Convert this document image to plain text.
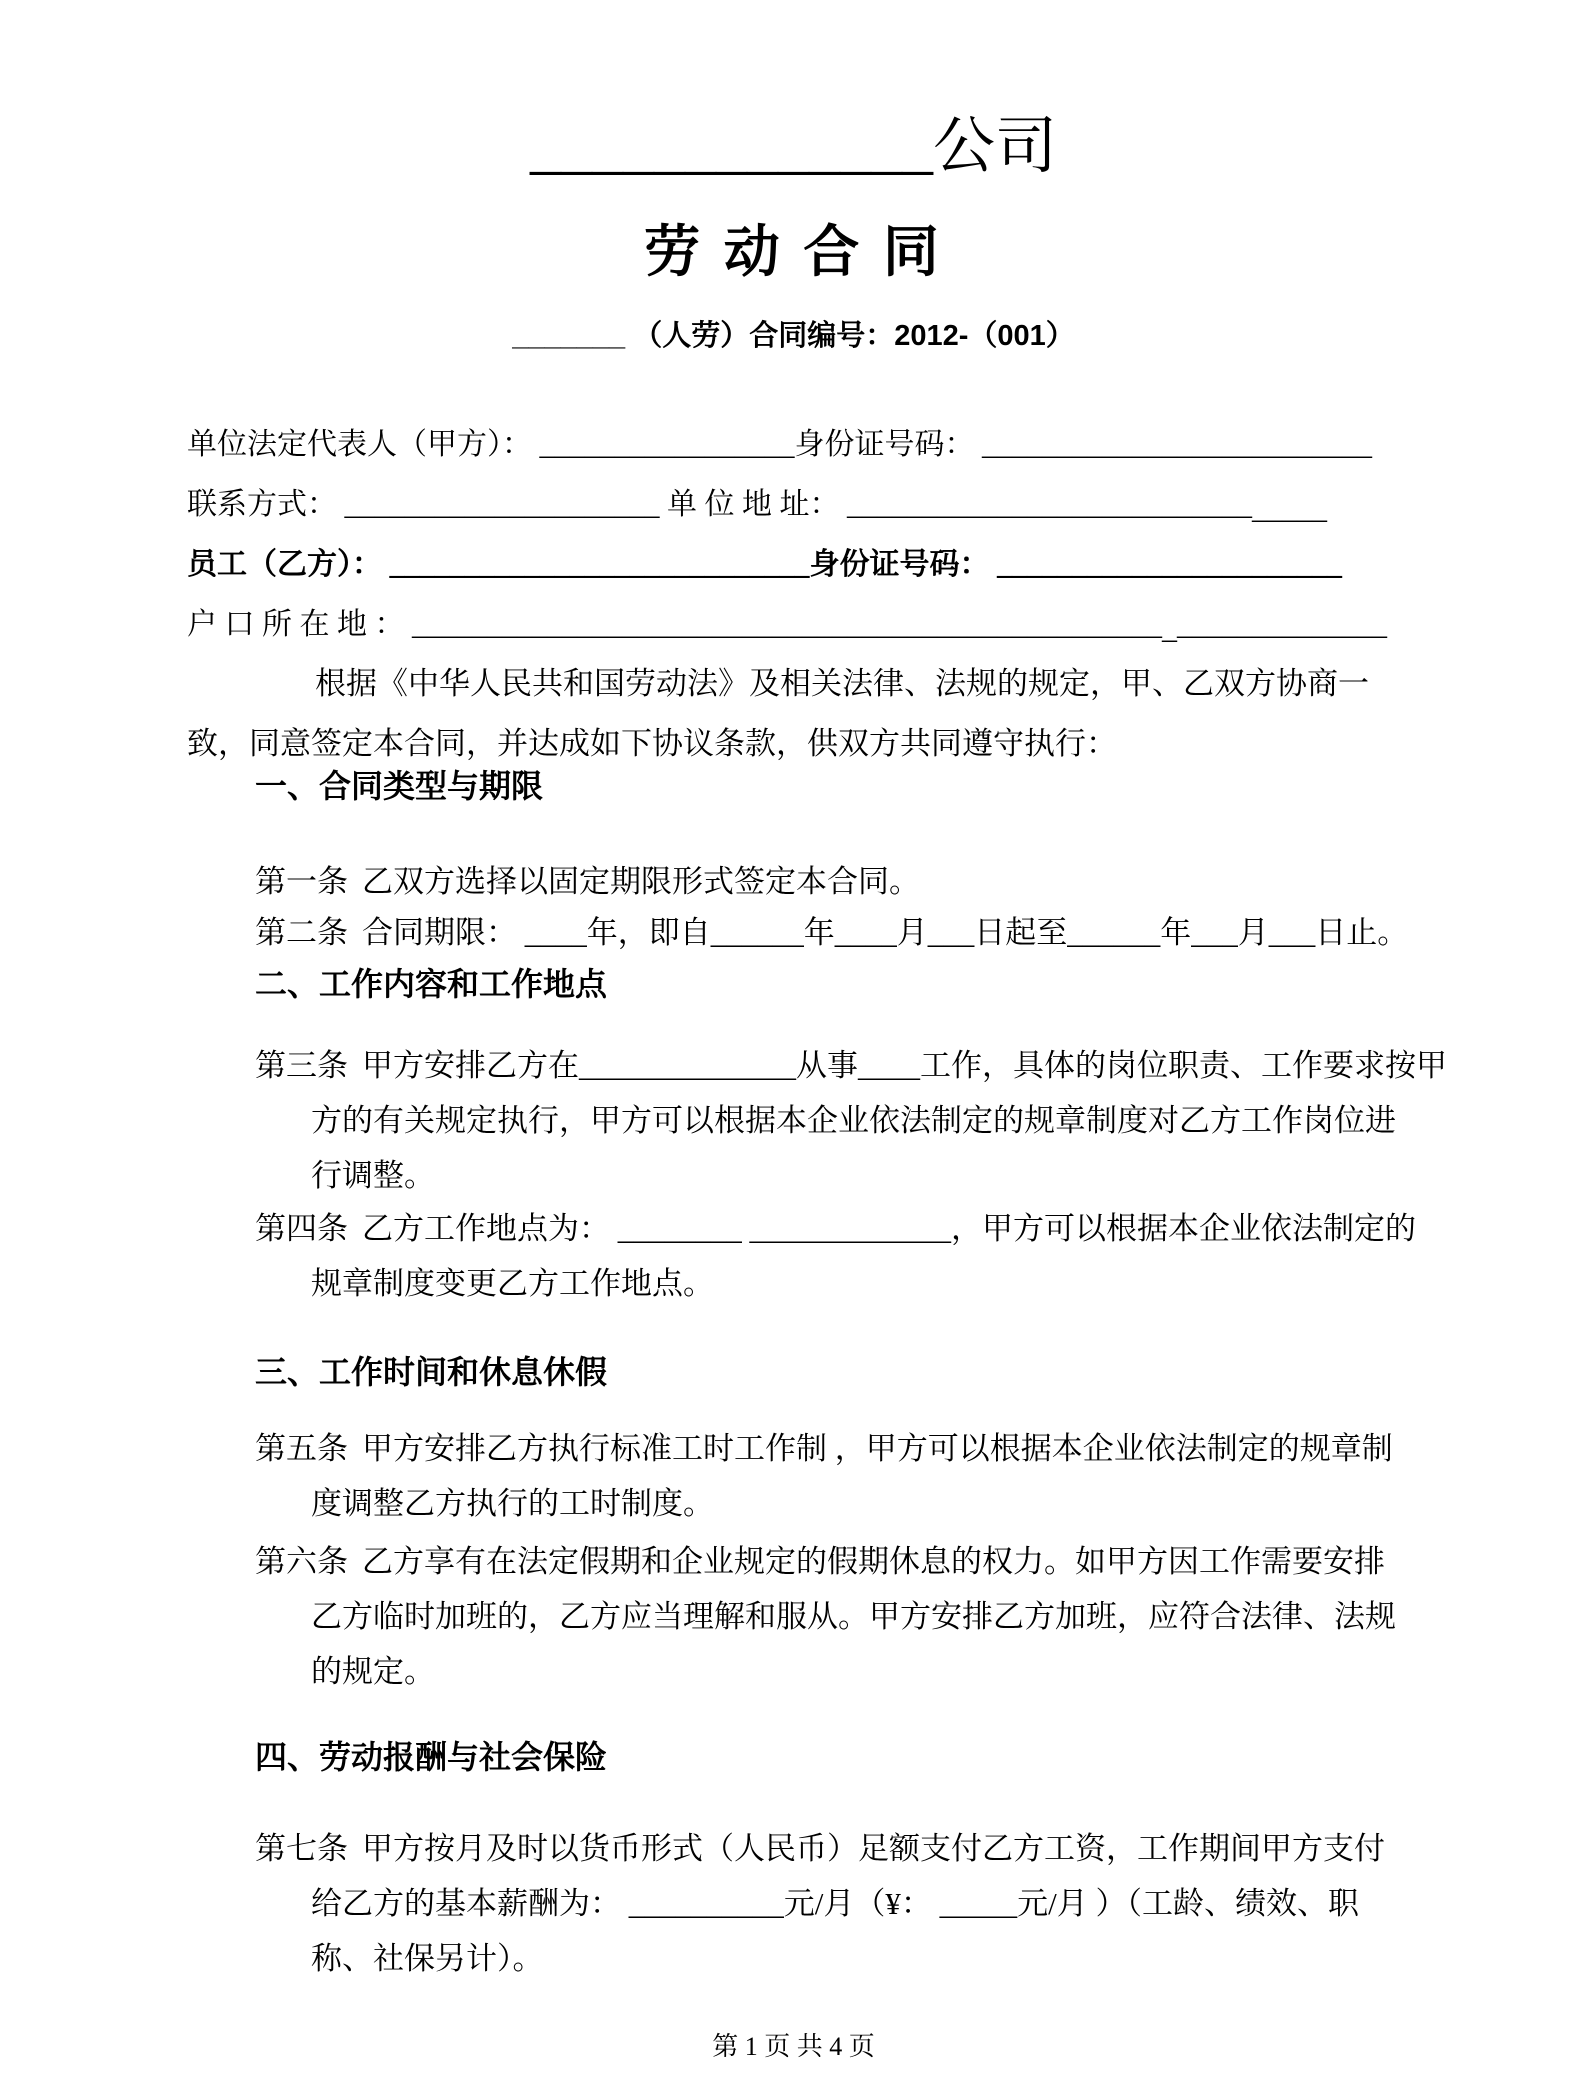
_____________公司
劳 动 合 同
_______ （人劳）合同编号：2012-（001）
单位法定代表人（甲方）： _________________身份证号码： __________________________
联系方式： _____________________ 单 位 地 址： ________________________________
员工（乙方）： ____________________________身份证号码： _______________________
户 口 所 在 地 ： _________________________________________________________________
根据《中华人民共和国劳动法》及相关法律、法规的规定，甲、乙双方协商一
致，同意签定本合同，并达成如下协议条款，供双方共同遵守执行：
一、合同类型与期限
第一条 乙双方选择以固定期限形式签定本合同。
第二条 合同期限： ____年，即自______年____月___日起至______年___月___日止。
二、工作内容和工作地点
第三条 甲方安排乙方在______________从事____工作，具体的岗位职责、工作要求按甲
方的有关规定执行，甲方可以根据本企业依法制定的规章制度对乙方工作岗位进
行调整。
第四条 乙方工作地点为： ________ _____________，甲方可以根据本企业依法制定的
规章制度变更乙方工作地点。
三、工作时间和休息休假
第五条 甲方安排乙方执行标准工时工作制 ，甲方可以根据本企业依法制定的规章制
度调整乙方执行的工时制度。
第六条 乙方享有在法定假期和企业规定的假期休息的权力。如甲方因工作需要安排
乙方临时加班的，乙方应当理解和服从。甲方安排乙方加班，应符合法律、法规
的规定。
四、劳动报酬与社会保险
第七条 甲方按月及时以货币形式（人民币）足额支付乙方工资，工作期间甲方支付
给乙方的基本薪酬为： __________元/月（¥： _____元/月 ）（工龄、绩效、职
称、社保另计）。
第 1 页 共 4 页
